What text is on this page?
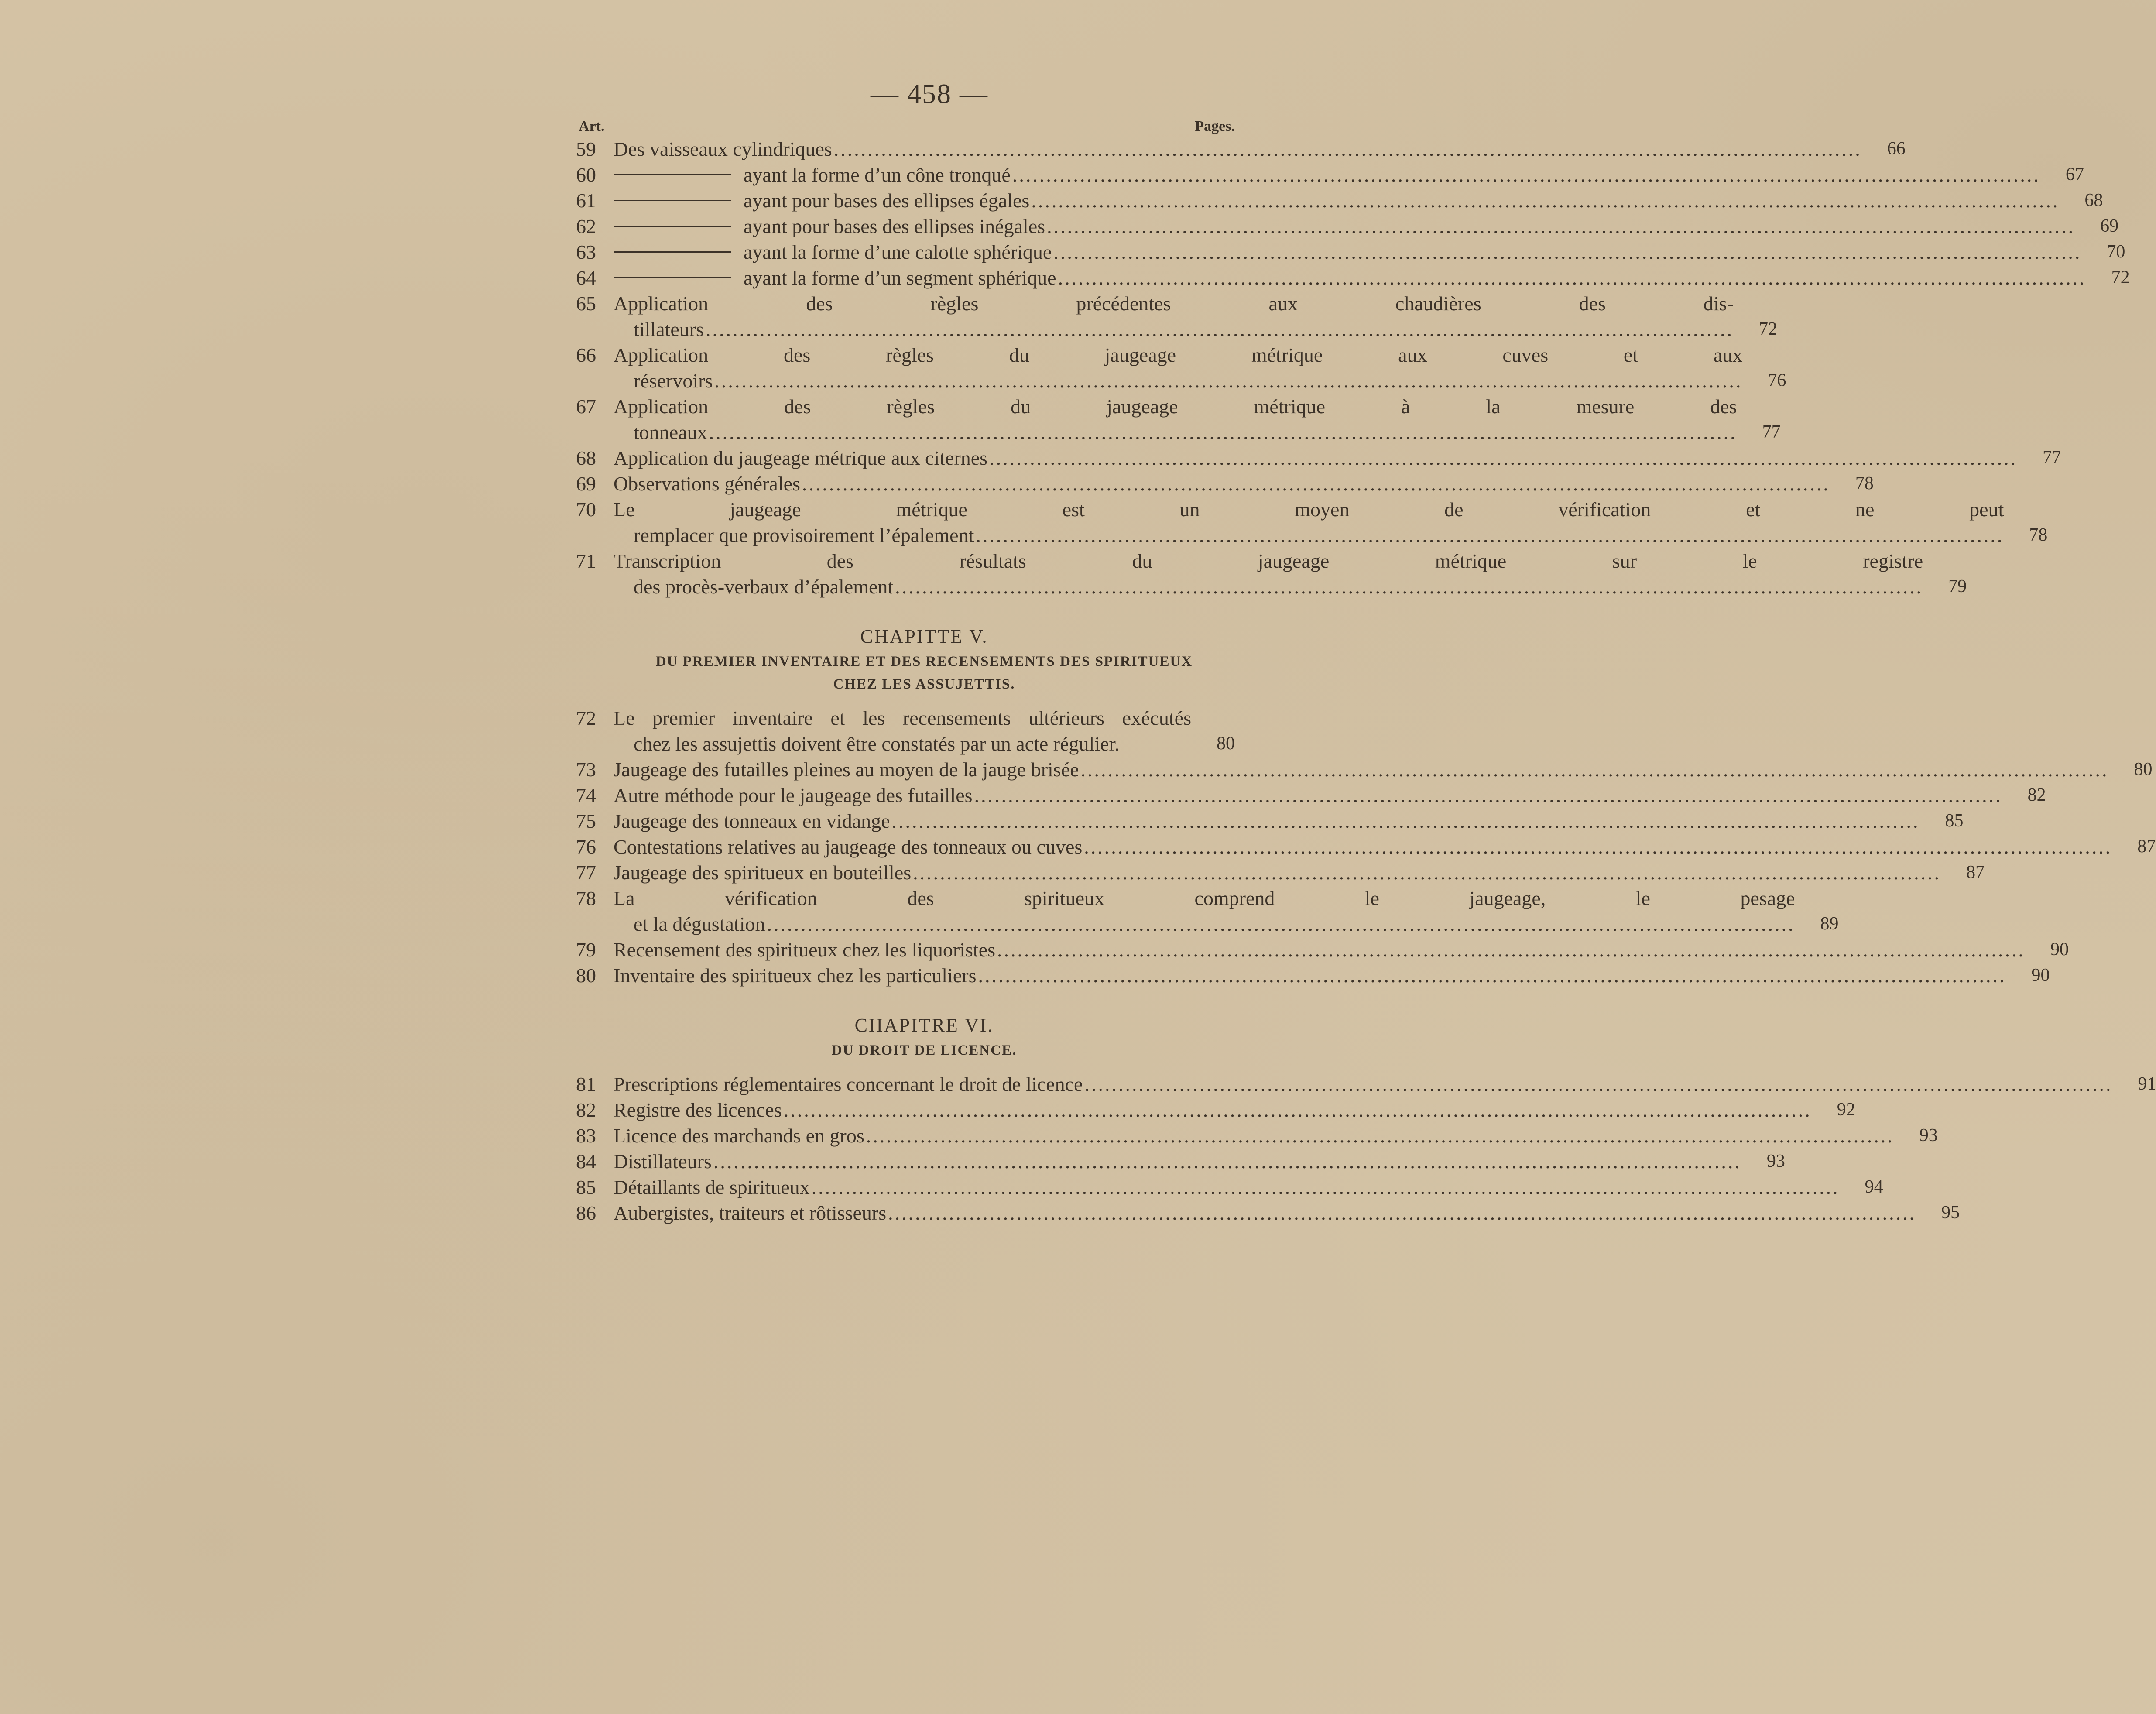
— 458 —
Art.	Pages.
59 Des vaisseaux cylindriques .....	66
60	ayant la forme d’un cône tronqué .....	67
61	ayant pour bases des ellipses égales .....	68
62	ayant pour bases des ellipses inégales .....	69
63	ayant la forme d’une calotte sphérique .....	70
64	ayant la forme d’un segment sphérique .....	72
65 Application des règles précédentes aux chaudières des dis-
tillateurs .....	72
66 Application des règles du jaugeage métrique aux cuves et aux
réservoirs .....	76
67 Application des règles du jaugeage métrique à la mesure des
tonneaux .....	77
68 Application du jaugeage métrique aux citernes .....	77
69 Observations générales .....	78
70 Le jaugeage métrique est un moyen de vérification et ne peut
remplacer que provisoirement l’épalement .....	78
71 Transcription des résultats du jaugeage métrique sur le registre
des procès-verbaux d’épalement .....	79
CHAPITTE V.
DU PREMIER INVENTAIRE ET DES RECENSEMENTS DES SPIRITUEUX
CHEZ LES ASSUJETTIS.
72 Le premier inventaire et les recensements ultérieurs exécutés
chez les assujettis doivent être constatés par un acte régulier.	80
73 Jaugeage des futailles pleines au moyen de la jauge brisée .....	80
74 Autre méthode pour le jaugeage des futailles .....	82
75 Jaugeage des tonneaux en vidange .....	85
76 Contestations relatives au jaugeage des tonneaux ou cuves .....	87
77 Jaugeage des spiritueux en bouteilles .....	87
78 La vérification des spiritueux comprend le jaugeage, le pesage
et la dégustation .....	89
79 Recensement des spiritueux chez les liquoristes .....	90
80 Inventaire des spiritueux chez les particuliers .....	90
CHAPITRE VI.
DU DROIT DE LICENCE.
81 Prescriptions réglementaires concernant le droit de licence .....	91
82 Registre des licences .....	92
83 Licence des marchands en gros .....	93
84 Distillateurs .....	93
85 Détaillants de spiritueux .....	94
86 Aubergistes, traiteurs et rôtisseurs .....	95
